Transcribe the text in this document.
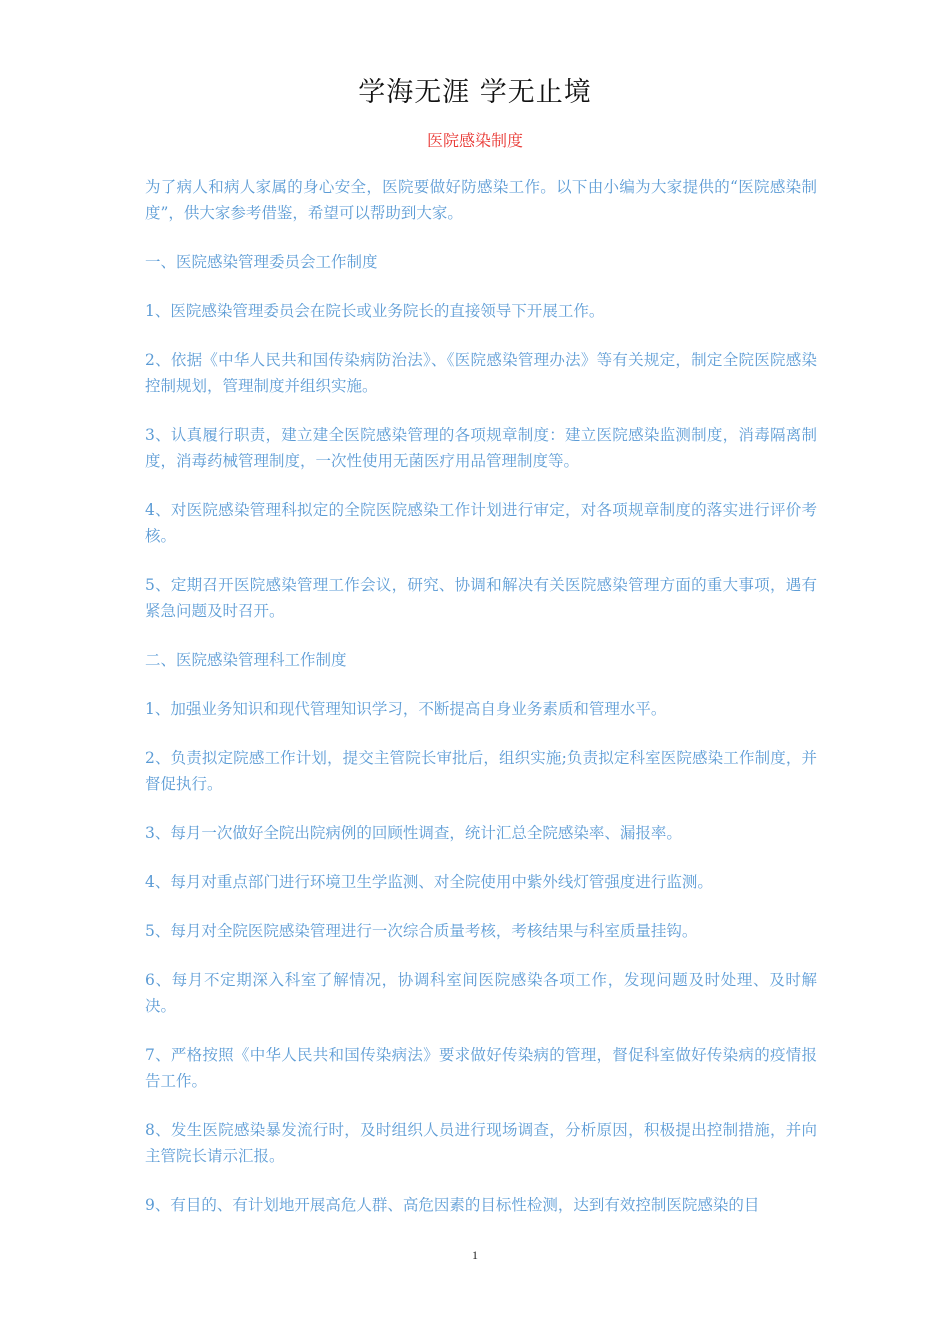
学海无涯 学无止境
医院感染制度

为了病人和病人家属的身心安全，医院要做好防感染工作。以下由小编为大家提供的“医院感染制度”，供大家参考借鉴，希望可以帮助到大家。

一、医院感染管理委员会工作制度

1、医院感染管理委员会在院长或业务院长的直接领导下开展工作。

2、依据《中华人民共和国传染病防治法》、《医院感染管理办法》等有关规定，制定全院医院感染控制规划，管理制度并组织实施。

3、认真履行职责，建立建全医院感染管理的各项规章制度：建立医院感染监测制度，消毒隔离制度，消毒药械管理制度，一次性使用无菌医疗用品管理制度等。

4、对医院感染管理科拟定的全院医院感染工作计划进行审定，对各项规章制度的落实进行评价考核。

5、定期召开医院感染管理工作会议，研究、协调和解决有关医院感染管理方面的重大事项，遇有紧急问题及时召开。

二、医院感染管理科工作制度

1、加强业务知识和现代管理知识学习，不断提高自身业务素质和管理水平。

2、负责拟定院感工作计划，提交主管院长审批后，组织实施;负责拟定科室医院感染工作制度，并督促执行。

3、每月一次做好全院出院病例的回顾性调查，统计汇总全院感染率、漏报率。

4、每月对重点部门进行环境卫生学监测、对全院使用中紫外线灯管强度进行监测。

5、每月对全院医院感染管理进行一次综合质量考核，考核结果与科室质量挂钩。

6、每月不定期深入科室了解情况，协调科室间医院感染各项工作，发现问题及时处理、及时解决。

7、严格按照《中华人民共和国传染病法》要求做好传染病的管理，督促科室做好传染病的疫情报告工作。

8、发生医院感染暴发流行时，及时组织人员进行现场调查，分析原因，积极提出控制措施，并向主管院长请示汇报。

9、有目的、有计划地开展高危人群、高危因素的目标性检测，达到有效控制医院感染的目

1
